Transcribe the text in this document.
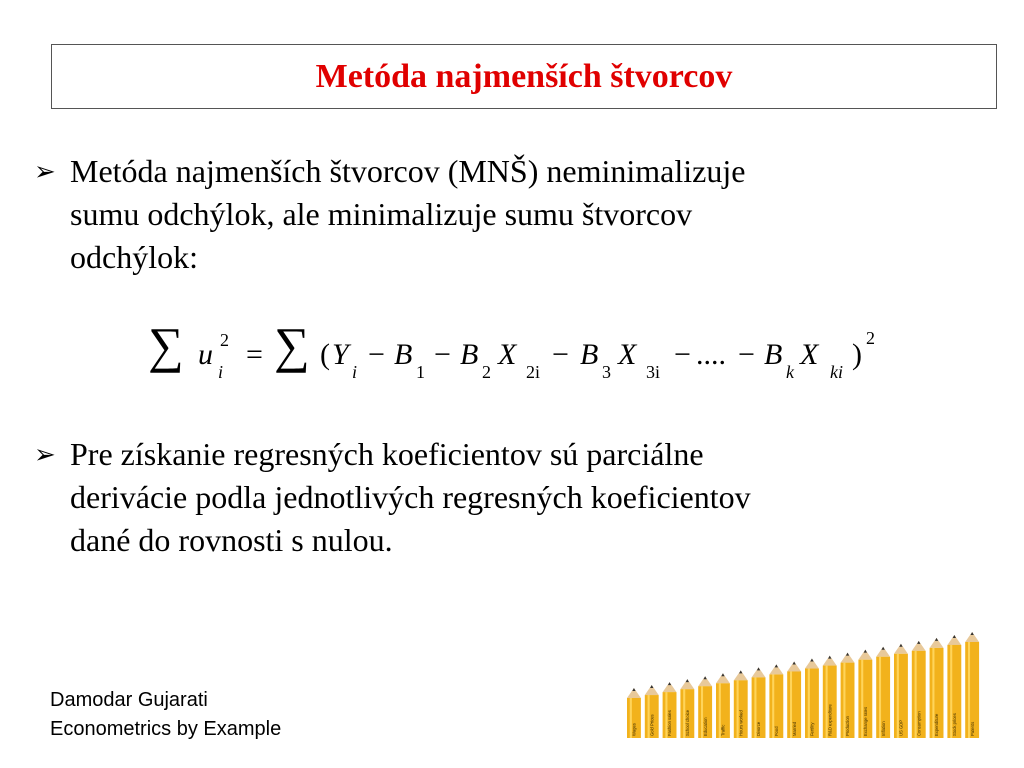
Metóda najmenších štvorcov
➢ Metóda najmenších štvorcov (MNŠ) neminimalizuje
sumu odchýlok, ale minimalizuje sumu štvorcov
odchýlok:
∑ u 2
i
= ∑ ( Y
i
− B
1
− B
2
X
2i
− B
3
X
3i
− .... − B
k
X
ki
) 2
➢ Pre získanie regresných koeficientov sú parciálne
derivácie podla jednotlivých regresných koeficientov
dané do rovnosti s nulou.
Damodar Gujarati
Econometrics by Example	Wages	Gold Prices	Fashion sales	School choice	Education	Traffic	Hours worked	Divorce	Food	Married	Fertility	R&D expenditure	Production	Exchange rates	Inflation	US GDP	Consumption	Expenditure	Stock prices	Patents
